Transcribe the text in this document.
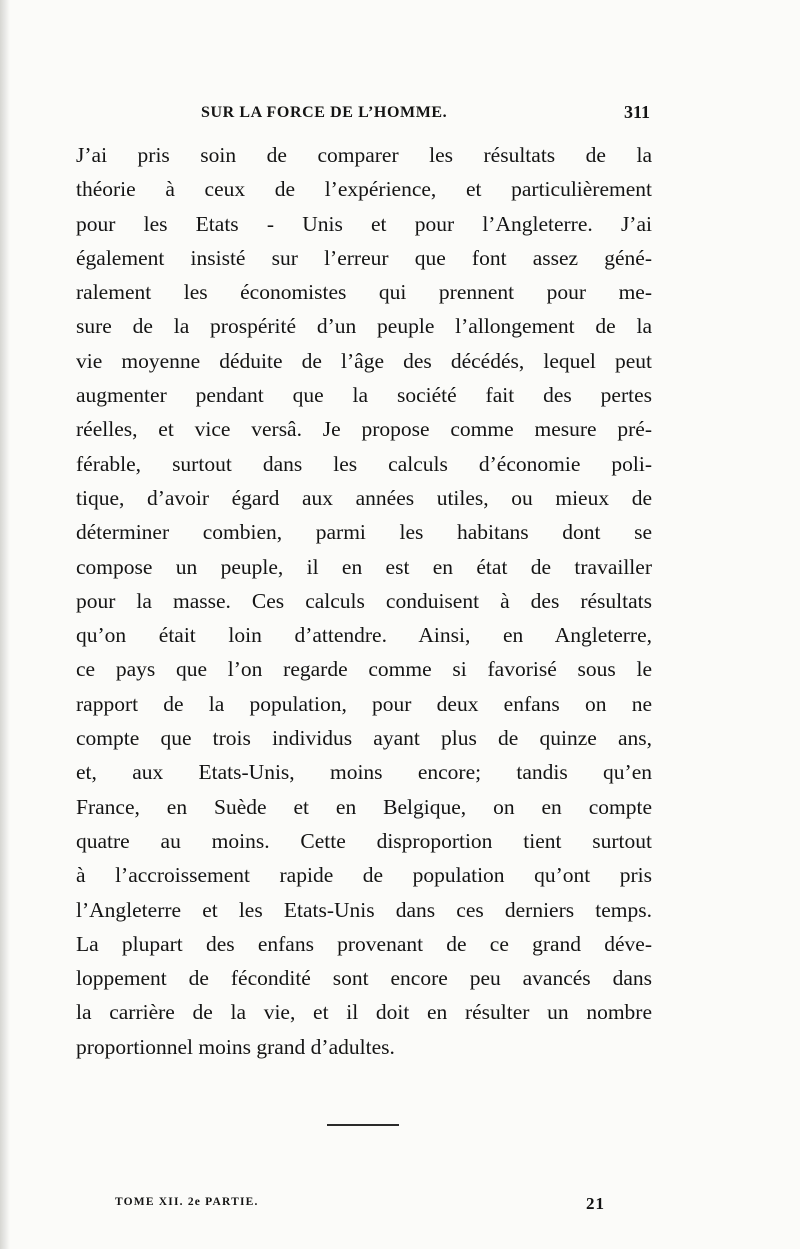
SUR LA FORCE DE L’HOMME.	311
J’ai pris soin de comparer les résultats de la
théorie à ceux de l’expérience, et particulièrement
pour les Etats - Unis et pour l’Angleterre. J’ai
également insisté sur l’erreur que font assez géné-
ralement les économistes qui prennent pour me-
sure de la prospérité d’un peuple l’allongement de la
vie moyenne déduite de l’âge des décédés, lequel peut
augmenter pendant que la société fait des pertes
réelles, et vice versâ. Je propose comme mesure pré-
férable, surtout dans les calculs d’économie poli-
tique, d’avoir égard aux années utiles, ou mieux de
déterminer combien, parmi les habitans dont se
compose un peuple, il en est en état de travailler
pour la masse. Ces calculs conduisent à des résultats
qu’on était loin d’attendre. Ainsi, en Angleterre,
ce pays que l’on regarde comme si favorisé sous le
rapport de la population, pour deux enfans on ne
compte que trois individus ayant plus de quinze ans,
et, aux Etats-Unis, moins encore; tandis qu’en
France, en Suède et en Belgique, on en compte
quatre au moins. Cette disproportion tient surtout
à l’accroissement rapide de population qu’ont pris
l’Angleterre et les Etats-Unis dans ces derniers temps.
La plupart des enfans provenant de ce grand déve-
loppement de fécondité sont encore peu avancés dans
la carrière de la vie, et il doit en résulter un nombre
proportionnel moins grand d’adultes.
TOME XII. 2e PARTIE.	21
